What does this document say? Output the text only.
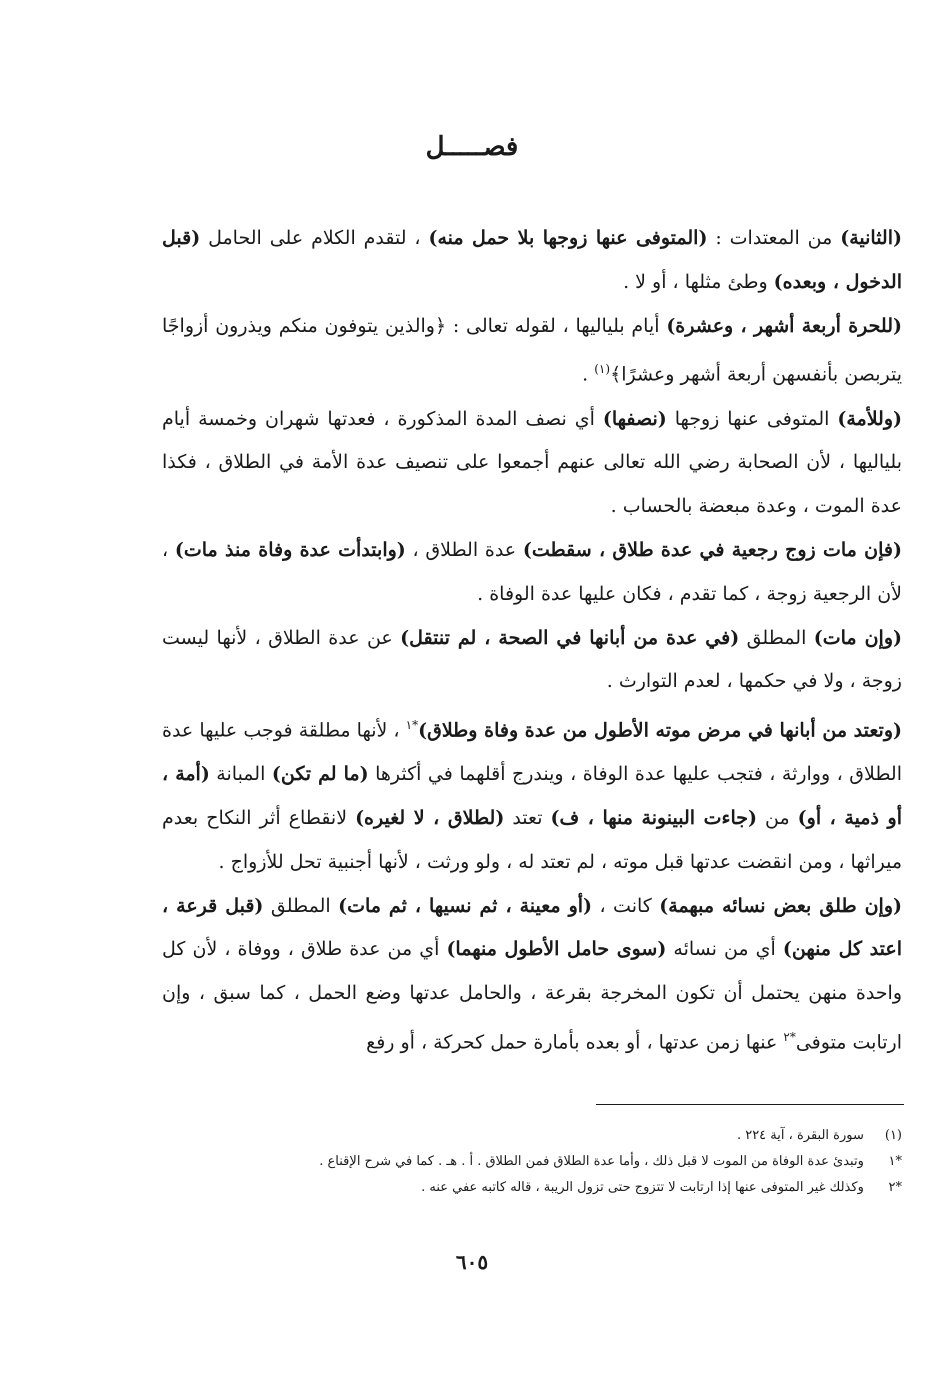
فصـــــل

(الثانية) من المعتدات : (المتوفى عنها زوجها بلا حمل منه) ، لتقدم الكلام على الحامل (قبل الدخول ، وبعده) وطئ مثلها ، أو لا .

(للحرة أربعة أشهر ، وعشرة) أيام بلياليها ، لقوله تعالى : ﴿والذين يتوفون منكم ويذرون أزواجًا يتربصن بأنفسهن أربعة أشهر وعشرًا﴾$^{(١)}$ .

(وللأمة) المتوفى عنها زوجها (نصفها) أي نصف المدة المذكورة ، فعدتها شهران وخمسة أيام بلياليها ، لأن الصحابة رضي الله تعالى عنهم أجمعوا على تنصيف عدة الأمة في الطلاق ، فكذا عدة الموت ، وعدة مبعضة بالحساب .

(فإن مات زوج رجعية في عدة طلاق ، سقطت) عدة الطلاق ، (وابتدأت عدة وفاة منذ مات) ، لأن الرجعية زوجة ، كما تقدم ، فكان عليها عدة الوفاة .

(وإن مات) المطلق (في عدة من أبانها في الصحة ، لم تنتقل) عن عدة الطلاق ، لأنها ليست زوجة ، ولا في حكمها ، لعدم التوارث .

(وتعتد من أبانها في مرض موته الأطول من عدة وفاة وطلاق)$^{*١}$ ، لأنها مطلقة فوجب عليها عدة الطلاق ، ووارثة ، فتجب عليها عدة الوفاة ، ويندرج أقلهما في أكثرها (ما لم تكن) المبانة (أمة ، أو ذمية ، أو) من (جاءت البينونة منها ، ف) تعتد (لطلاق ، لا لغيره) لانقطاع أثر النكاح بعدم ميراثها ، ومن انقضت عدتها قبل موته ، لم تعتد له ، ولو ورثت ، لأنها أجنبية تحل للأزواج .

(وإن طلق بعض نسائه مبهمة) كانت ، (أو معينة ، ثم نسيها ، ثم مات) المطلق (قبل قرعة ، اعتد كل منهن) أي من نسائه (سوى حامل الأطول منهما) أي من عدة طلاق ، ووفاة ، لأن كل واحدة منهن يحتمل أن تكون المخرجة بقرعة ، والحامل عدتها وضع الحمل ، كما سبق ، وإن ارتابت متوفى$^{*٢}$ عنها زمن عدتها ، أو بعده بأمارة حمل كحركة ، أو رفع

(١) سورة البقرة ، آية ٢٢٤ .
*١ وتبدئ عدة الوفاة من الموت لا قبل ذلك ، وأما عدة الطلاق فمن الطلاق . أ . هـ . كما في شرح الإقناع .
*٢ وكذلك غير المتوفى عنها إذا ارتابت لا تتزوج حتى تزول الريبة ، قاله كاتبه عفي عنه .
٦٠٥
